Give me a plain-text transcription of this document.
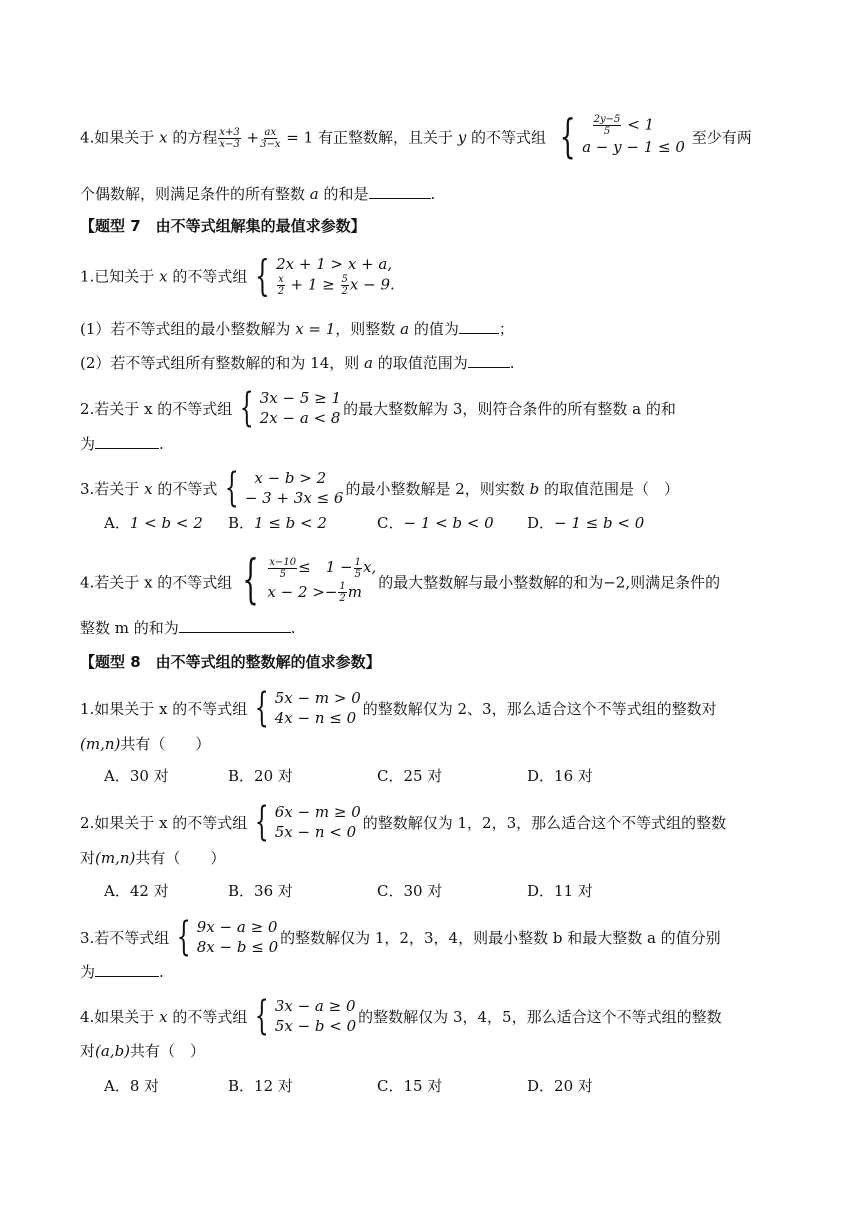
4.如果关于 x 的方程 $\frac{x+3}{x-3} + \frac{ax}{3-x} = 1$ 有正整数解，且关于 y 的不等式组 {
$\frac{2y-5}{5} < 1$
a − y − 1 ≤ 0
至少有两
个偶数解，则满足条件的所有整数 a 的和是	.
【题型 7　由不等式组解集的最值求参数】
1.已知关于 x 的不等式组 { 2x + 1 > x + a,
$\frac{x}{2} + 1 \ge \frac{5}{2}$ x − 9.
(1）若不等式组的最小整数解为 x = 1，则整数 a 的值为	；
(2）若不等式组所有整数解的和为 14，则 a 的取值范围为	.
2.若关于 x 的不等式组 { 3x − 5 ≥ 1
2x − a < 8 的最大整数解为 3，则符合条件的所有整数 a 的和
为	.
3.若关于 x 的不等式 {	x − b > 2
− 3 + 3x ≤ 6 的最小整数解是 2，则实数 b 的取值范围是（　）
A．1 < b < 2 B．1 ≤ b < 2	C．− 1 < b < 0 D．− 1 ≤ b < 0
4.若关于 x 的不等式组 { $\frac{x-10}{5}$ ≤　$1 - \frac{1}{5} x$,
$x - 2 >- \frac{1}{2}$ m	的最大整数解与最小整数解的和为−2,则满足条件的
整数 m 的和为	.
【题型 8　由不等式组的整数解的值求参数】
1.如果关于 x 的不等式组 { 5x − m > 0
4x − n ≤ 0 的整数解仅为 2、3，那么适合这个不等式组的整数对
(m,n)共有（　　）
A．30 对	B．20 对	C．25 对	D．16 对
2.如果关于 x 的不等式组 { 6x − m ≥ 0
5x − n < 0 的整数解仅为 1，2，3，那么适合这个不等式组的整数
对(m,n)共有（　　）
A．42 对	B．36 对	C．30 对	D．11 对
3.若不等式组 { 9x − a ≥ 0
8x − b ≤ 0 的整数解仅为 1，2，3，4，则最小整数 b 和最大整数 a 的值分别
为	.
4.如果关于 x 的不等式组 { 3x − a ≥ 0
5x − b < 0 的整数解仅为 3，4，5，那么适合这个不等式组的整数
对(a,b)共有（　）
A．8 对	B．12 对	C．15 对	D．20 对
